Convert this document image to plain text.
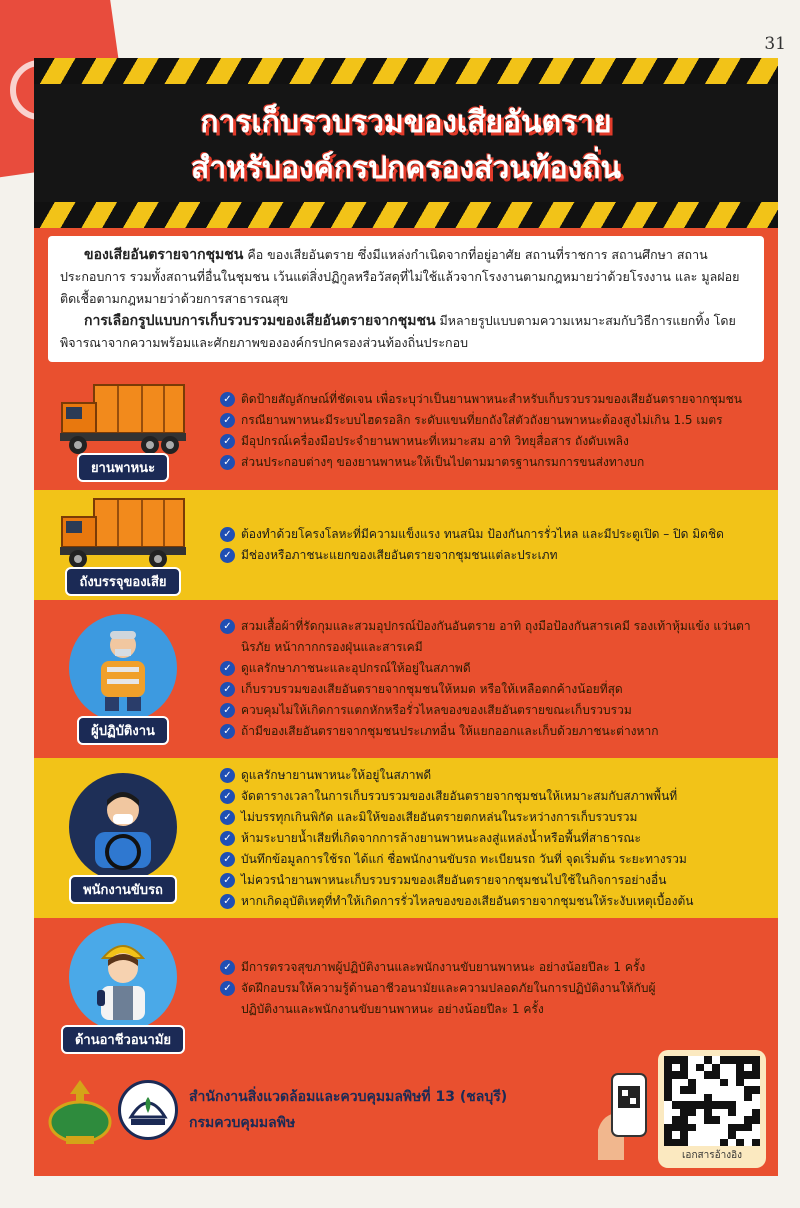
31
การเก็บรวบรวมของเสียอันตราย
สำหรับองค์กรปกครองส่วนท้องถิ่น

ของเสียอันตรายจากชุมชน คือ ของเสียอันตราย ซึ่งมีแหล่งกำเนิดจากที่อยู่อาศัย สถานที่ราชการ สถานศึกษา สถานประกอบการ รวมทั้งสถานที่อื่นในชุมชน เว้นแต่สิ่งปฏิกูลหรือวัสดุที่ไม่ใช้แล้วจากโรงงานตามกฎหมายว่าด้วยโรงงาน และ มูลฝอยติดเชื้อตามกฎหมายว่าด้วยการสาธารณสุข

การเลือกรูปแบบการเก็บรวบรวมของเสียอันตรายจากชุมชน มีหลายรูปแบบตามความเหมาะสมกับวิธีการแยกทิ้ง โดยพิจารณาจากความพร้อมและศักยภาพขององค์กรปกครองส่วนท้องถิ่นประกอบ

ยานพาหนะ
✓ ติดป้ายสัญลักษณ์ที่ชัดเจน เพื่อระบุว่าเป็นยานพาหนะสำหรับเก็บรวบรวมของเสียอันตรายจากชุมชน
✓ กรณียานพาหนะมีระบบไฮดรอลิก ระดับแขนที่ยกถังใส่ตัวถังยานพาหนะต้องสูงไม่เกิน 1.5 เมตร
✓ มีอุปกรณ์เครื่องมือประจำยานพาหนะที่เหมาะสม อาทิ วิทยุสื่อสาร ถังดับเพลิง
✓ ส่วนประกอบต่างๆ ของยานพาหนะให้เป็นไปตามมาตรฐานกรมการขนส่งทางบก
ถังบรรจุของเสีย
✓ ต้องทำด้วยโครงโลหะที่มีความแข็งแรง ทนสนิม ป้องกันการรั่วไหล และมีประตูเปิด – ปิด มิดชิด
✓ มีช่องหรือภาชนะแยกของเสียอันตรายจากชุมชนแต่ละประเภท
ผู้ปฏิบัติงาน
✓ สวมเสื้อผ้าที่รัดกุมและสวมอุปกรณ์ป้องกันอันตราย อาทิ ถุงมือป้องกันสารเคมี รองเท้าหุ้มแข้ง แว่นตานิรภัย หน้ากากกรองฝุ่นและสารเคมี
✓ ดูแลรักษาภาชนะและอุปกรณ์ให้อยู่ในสภาพดี
✓ เก็บรวบรวมของเสียอันตรายจากชุมชนให้หมด หรือให้เหลือตกค้างน้อยที่สุด
✓ ควบคุมไม่ให้เกิดการแตกหักหรือรั่วไหลของของเสียอันตรายขณะเก็บรวบรวม
✓ ถ้ามีของเสียอันตรายจากชุมชนประเภทอื่น ให้แยกออกและเก็บด้วยภาชนะต่างหาก
พนักงานขับรถ
✓ ดูแลรักษายานพาหนะให้อยู่ในสภาพดี
✓ จัดตารางเวลาในการเก็บรวบรวมของเสียอันตรายจากชุมชนให้เหมาะสมกับสภาพพื้นที่
✓ ไม่บรรทุกเกินพิกัด และมิให้ของเสียอันตรายตกหล่นในระหว่างการเก็บรวบรวม
✓ ห้ามระบายน้ำเสียที่เกิดจากการล้างยานพาหนะลงสู่แหล่งน้ำหรือพื้นที่สาธารณะ
✓ บันทึกข้อมูลการใช้รถ ได้แก่ ชื่อพนักงานขับรถ ทะเบียนรถ วันที่ จุดเริ่มต้น ระยะทางรวม
✓ ไม่ควรนำยานพาหนะเก็บรวบรวมของเสียอันตรายจากชุมชนไปใช้ในกิจการอย่างอื่น
✓ หากเกิดอุบัติเหตุที่ทำให้เกิดการรั่วไหลของของเสียอันตรายจากชุมชนให้ระงับเหตุเบื้องต้น
ด้านอาชีวอนามัย
✓ มีการตรวจสุขภาพผู้ปฏิบัติงานและพนักงานขับยานพาหนะ อย่างน้อยปีละ 1 ครั้ง
✓ จัดฝึกอบรมให้ความรู้ด้านอาชีวอนามัยและความปลอดภัยในการปฏิบัติงานให้กับผู้ปฏิบัติงานและพนักงานขับยานพาหนะ อย่างน้อยปีละ 1 ครั้ง
สำนักงานสิ่งแวดล้อมและควบคุมมลพิษที่ 13 (ชลบุรี)
กรมควบคุมมลพิษ
เอกสารอ้างอิง
